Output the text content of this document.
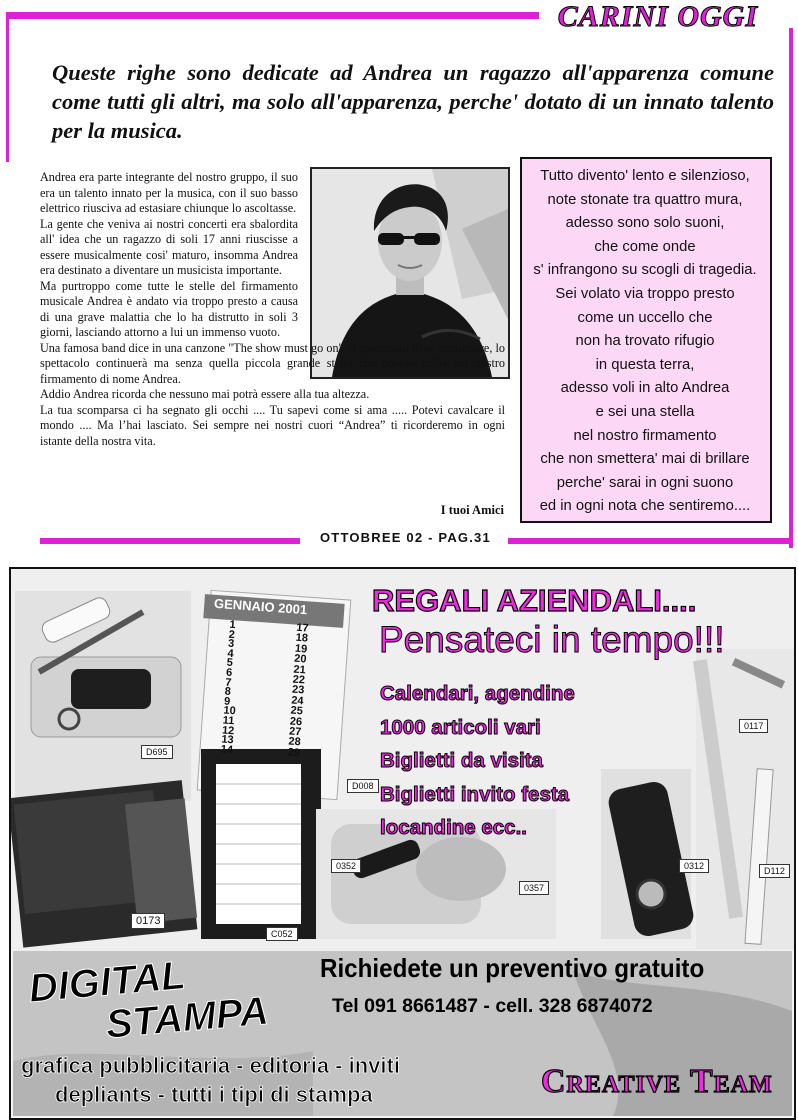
CARINI OGGI
Queste righe sono dedicate ad Andrea un ragazzo all'apparenza comune come tutti gli altri, ma solo all'apparenza, perche' dotato di un innato talento per la musica.

Andrea era parte integrante del nostro gruppo, il suo era un talento innato per la musica, con il suo basso elettrico riusciva ad estasiare chiunque lo ascoltasse.

La gente che veniva ai nostri concerti era sbalordita all' idea che un ragazzo di soli 17 anni riuscisse a essere musicalmente cosi' maturo, insomma Andrea era destinato a diventare un musicista importante.

Ma purtroppo come tutte le stelle del firmamento musicale Andrea è andato via troppo presto a causa di una grave malattia che lo ha distrutto in soli 3 giorni, lasciando attorno a lui un immenso vuoto.

Una famosa band dice in una canzone "The show must go on" lo spettacolo deve continuare, lo spettacolo continuerà ma senza quella piccola grande stella che adesso brilla sul nostro firmamento di nome Andrea.

Addio Andrea ricorda che nessuno mai potrà essere alla tua altezza.

La tua scomparsa ci ha segnato gli occhi .... Tu sapevi come si ama ..... Potevi cavalcare il mondo .... Ma l’hai lasciato. Sei sempre nei nostri cuori “Andrea” ti ricorderemo in ogni istante della nostra vita.

I tuoi Amici
Tutto divento' lento e silenzioso,
note stonate tra quattro mura,
adesso sono solo suoni,
che come onde
s' infrangono su scogli di tragedia.
Sei volato via troppo presto
come un uccello che
non ha trovato rifugio
in questa terra,
adesso voli in alto Andrea
e sei una stella
nel nostro firmamento
che non smettera' mai di brillare
perche' sarai in ogni suono
ed in ogni nota che sentiremo....
OTTOBREE 02 - PAG.31
GENNAIO 2001
1
2
3
4
5
6
7
8
9
10
11
12
13
14
17
18
19
20
21
22
23
24
25
26
27
28
29
D695
D008
0173
C052
0352
0357
0312	D112
0117
REGALI AZIENDALI....
Pensateci in tempo!!!
Calendari, agendine
1000 articoli vari
Biglietti da visita
Biglietti invito festa
locandine ecc..
Richiedete un preventivo gratuito
Tel 091 8661487 - cell. 328 6874072
DIGITAL
STAMPA
grafica pubblicitaria - editoria - inviti
depliants - tutti i tipi di stampa	Creative Team
